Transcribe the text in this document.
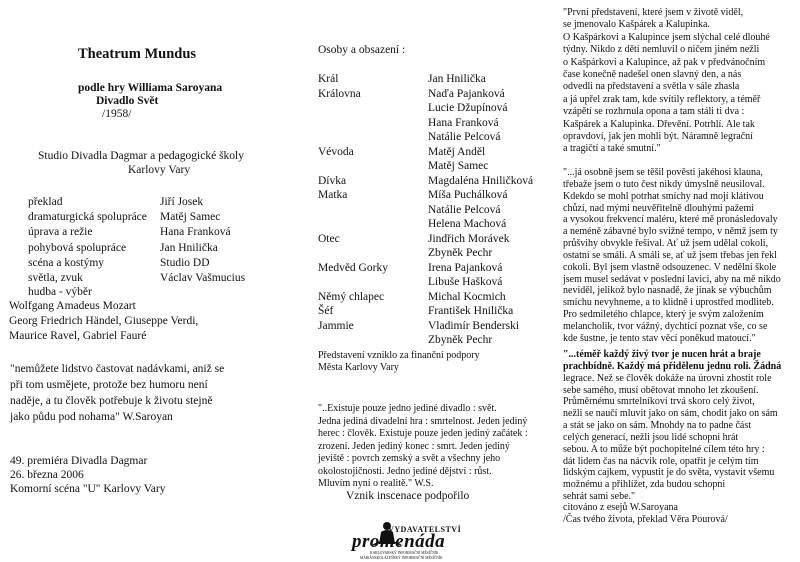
Theatrum Mundus
podle hry Williama Saroyana
Divadlo Svět
/1958/
Studio Divadla Dagmar a pedagogické školy
Karlovy Vary
překlad	Jiří Josek
dramaturgická spolupráce Matěj Samec
úprava a režie	Hana Franková
pohybová spolupráce	Jan Hnilička
scéna a kostýmy	Studio DD
světla, zvuk	Václav Vašmucius
hudba - výběr
Wolfgang Amadeus Mozart
Georg Friedrich Händel, Giuseppe Verdi,
Maurice Ravel, Gabriel Fauré
"nemůžete lidstvo častovat nadávkami, aniž se
při tom usmějete, protože bez humoru není
naděje, a tu člověk potřebuje k životu stejně
jako půdu pod nohama" W.Saroyan
49. premiéra Divadla Dagmar
26. března 2006
Komorní scéna "U" Karlovy Vary
Osoby a obsazení :
Král	Jan Hnilička
Královna	Naďa Pajanková
Lucie Džupínová
Hana Franková
Natálie Pelcová
Vévoda	Matěj Anděl
Matěj Samec
Dívka	Magdaléna Hniličková
Matka	Míša Puchálková
Natálie Pelcová
Helena Machová
Otec	Jindřich Morávek
Zbyněk Pechr
Medvěd Gorky	Irena Pajanková
Libuše Hašková
Němý chlapec	Michal Kocmich
Šéf	František Hnilička
Jammie	Vladimír Benderski
Zbyněk Pechr
Představení vzniklo za finanční podpory
Města Karlovy Vary
"..Existuje pouze jedno jediné divadlo : svět.
Jedna jediná divadelní hra : smrtelnost. Jeden jediný
herec : člověk. Existuje pouze jeden jediný začátek :
zrození. Jeden jediný konec : smrt. Jeden jediný
jeviště : povrch zemský a svět a všechny jeho
okolostojičnosti. Jedno jediné dějství : růst.
Mluvím nyní o realitě." W.S.
Vznik inscenace podpořilo
VYDAVATELSTVÍ
promenáda
KARLOVARSKÝ INFORMAČNÍ MĚSÍČNÍK
MARIÁNSKOLÁZEŇSKÝ INFORMAČNÍ MĚSÍČNÍK
"První představení, které jsem v životě viděl,
se jmenovalo Kašpárek a Kalupinka.
O Kašpárkovi a Kalupince jsem slýchal celé dlouhé
týdny. Nikdo z dětí nemluvil o ničem jiném nežli
o Kašpárkovi a Kalupince, až pak v předvánočním
čase konečně nadešel onen slavný den, a nás
odvedli na představení a světla v sále zhasla
a já upřel zrak tam, kde svítily reflektory, a téměř
vzápětí se rozhrnula opona a tam stáli ti dva :
Kašpárek a Kalupinka. Dřevění. Potrhlí. Ale tak
opravdoví, jak jen mohli být. Náramně legrační
a tragičtí a také smutní."
"...já osobně jsem se těšil pověsti jakéhosi klauna,
třebaže jsem o tuto čest nikdy úmyslně neusiloval.
Kdekdo se mohl potrhat smíchy nad mojí klátivou
chůzí, nad mými neuvěřitelně dlouhými pažemi
a vysokou frekvencí maléru, které mě pronásledovaly
a neméně zábavné bylo svižné tempo, v němž jsem ty
průšvihy obvykle řešival. Ať už jsem udělal cokoli,
ostatní se smáli. A smáli se, ať už jsem třebas jen řekl
cokoli. Byl jsem vlastně odsouzenec. V nedělní škole
jsem musel sedávat v poslední lavici, aby na mě nikdo
neviděl, jelikož bylo nasnadě, že jinak se výbuchům
smíchu nevyhneme, a to klidně i uprostřed modliteb.
Pro sedmiletého chlapce, který je svým založením
melancholik, tvor vážný, dychtící poznat vše, co se
kde šustne, je tento stav věcí poněkud matoucí."
"...téměř každý živý tvor je nucen hrát a braje
prachbídně. Každý má přidělenu jednu roli. Žádná
legrace. Než se člověk dokáže na úrovni zhostit role
sebe samého, musí obětovat mnoho let zkoušení.
Průměrnému smrtelníkovi trvá skoro celý život,
nežli se naučí mluvit jako on sám, chodit jako on sám
a stát se jako on sám. Mnohdy na to padne část
celých generací, nežli jsou lidé schopni hrát
sebou. A to může být pochopitelné cílem této hry :
dát lidem čas na nácvik role, opatřit je celým tím
lidským cajkem, vypustit je do světa, vystavit všemu
možnému a přihlížet, zda budou schopni
sehrát sami sebe."
citováno z esejů W.Saroyana
/Čas tvého života, překlad Věra Pourová/
